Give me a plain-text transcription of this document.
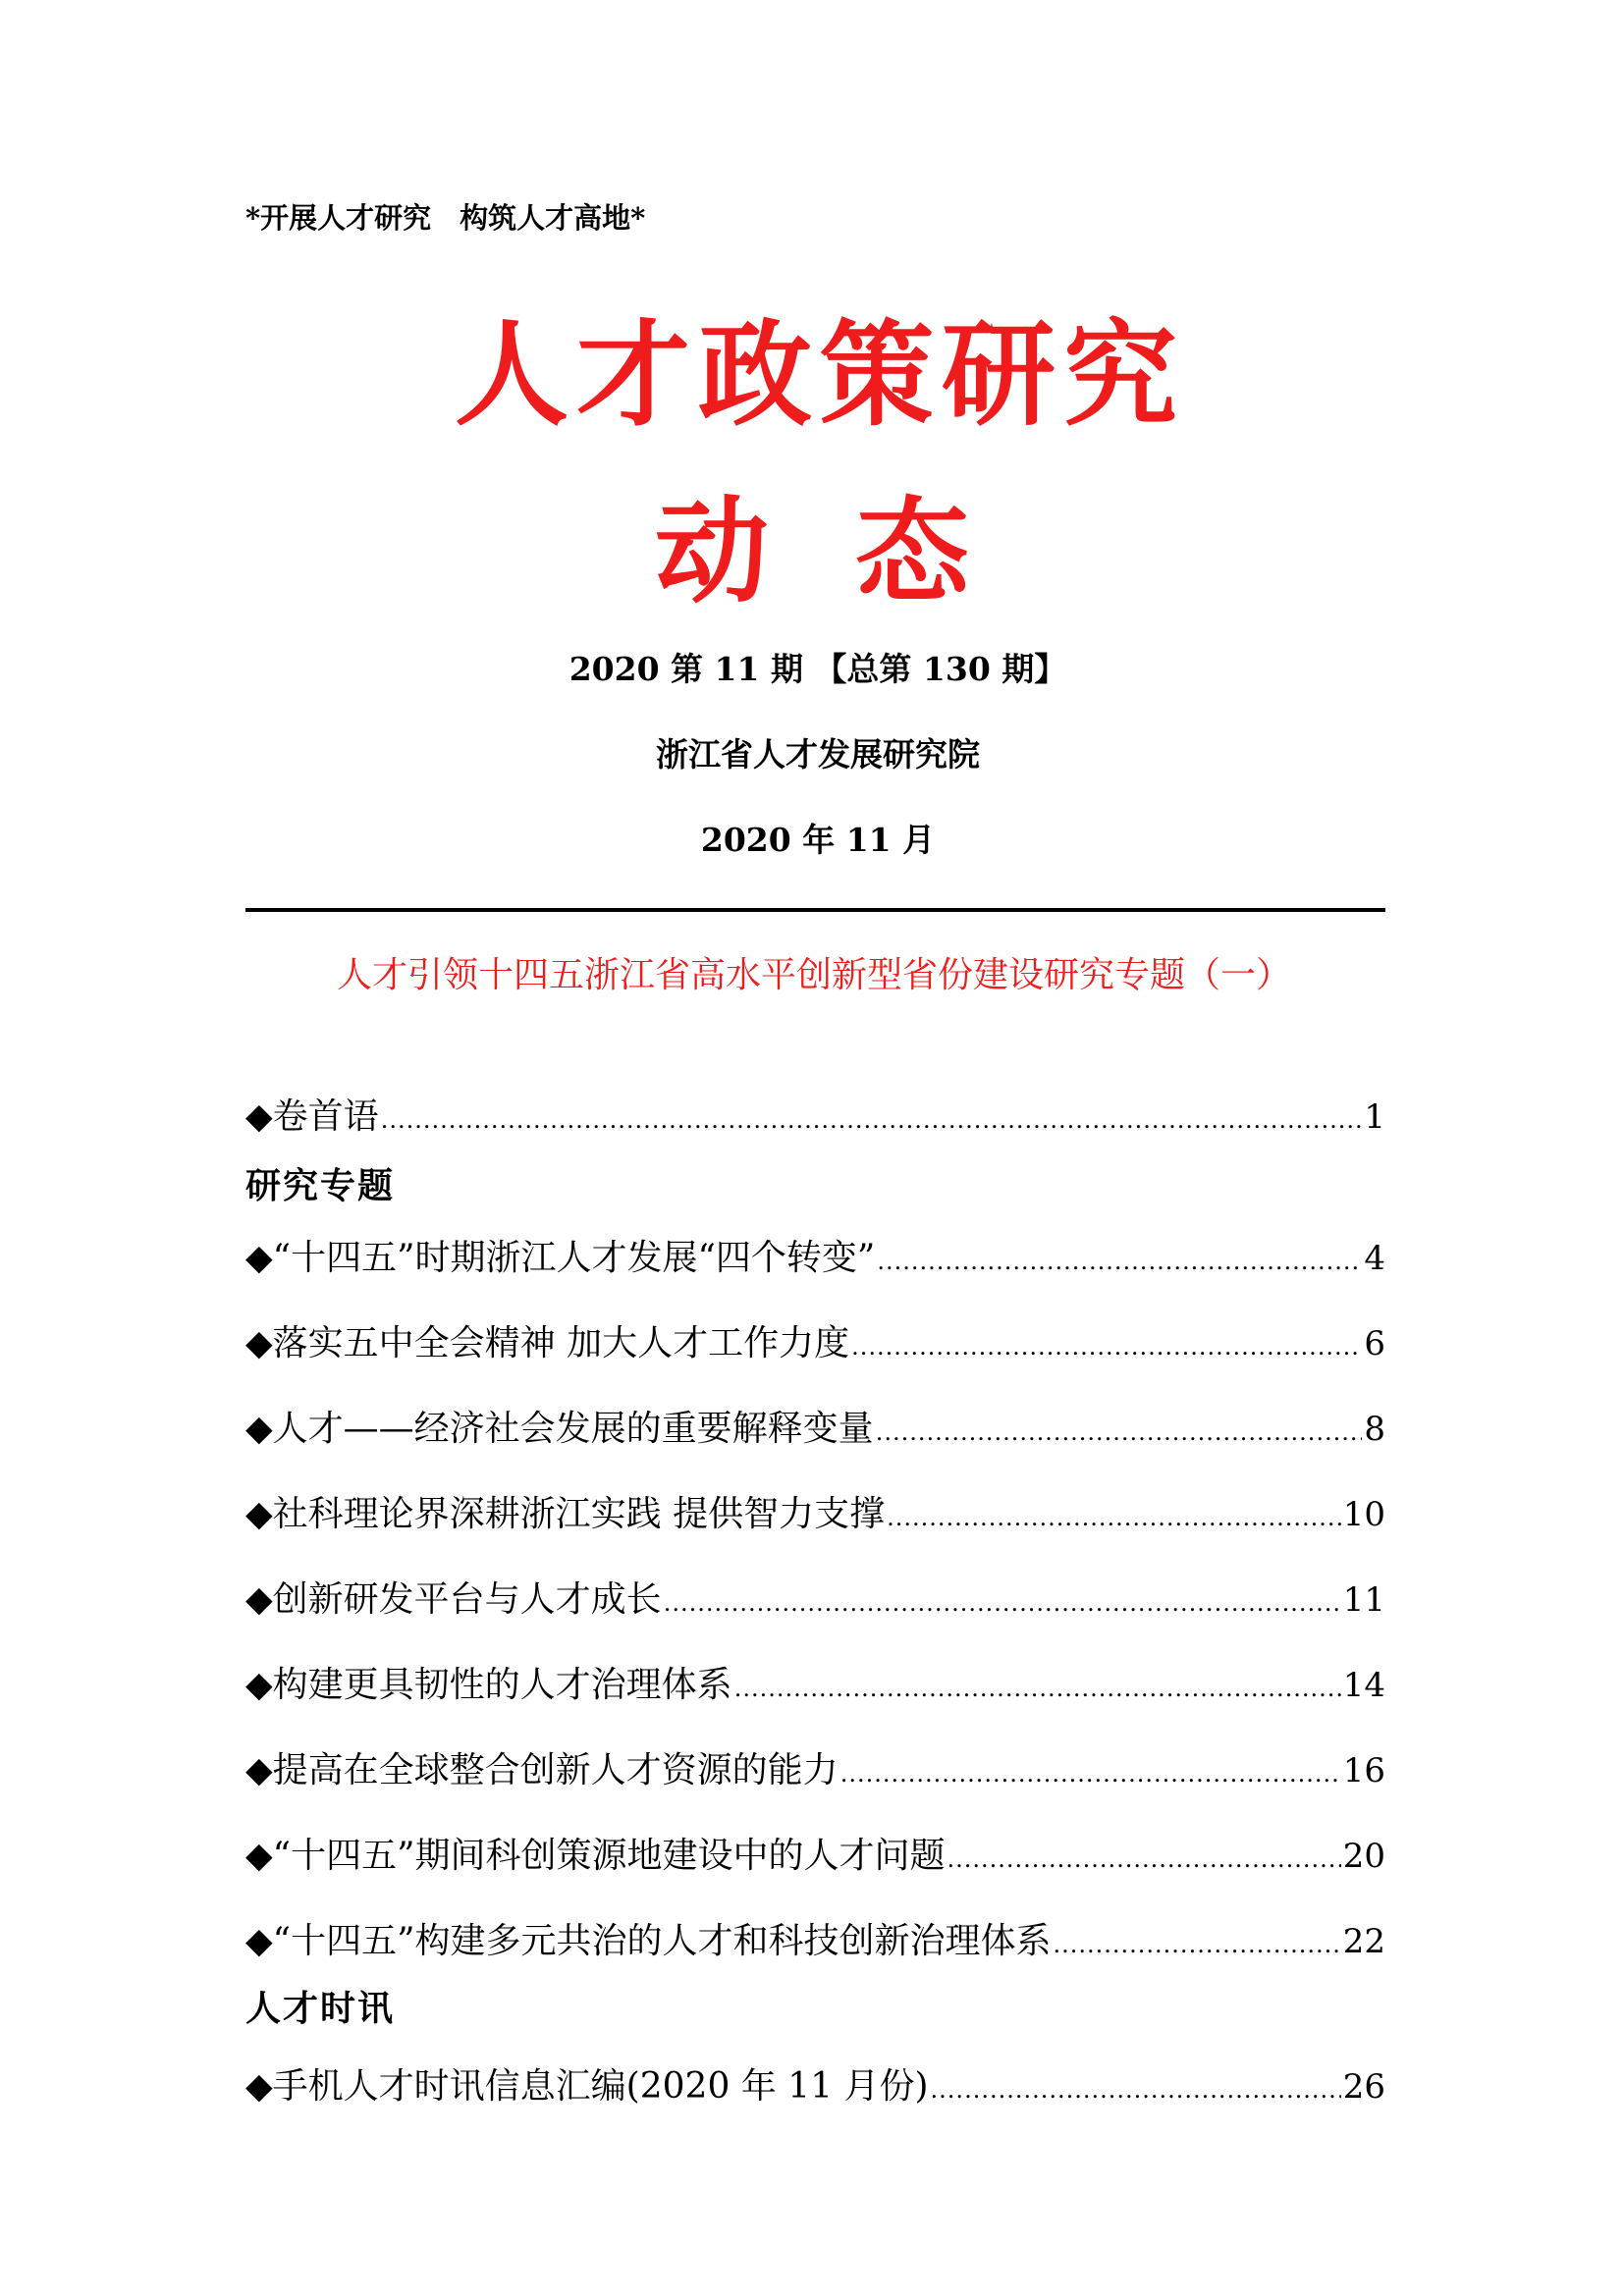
*开展人才研究　构筑人才高地*
人才政策研究
动态
2020 第 11 期 【总第 130 期】
浙江省人才发展研究院
2020 年 11 月
人才引领十四五浙江省高水平创新型省份建设研究专题（一）
◆卷首语 .....	1
研究专题
◆“十四五”时期浙江人才发展“四个转变” .....	4
◆落实五中全会精神 加大人才工作力度 .....	6
◆人才——经济社会发展的重要解释变量 .....	8
◆社科理论界深耕浙江实践 提供智力支撑 .....	10
◆创新研发平台与人才成长 .....	11
◆构建更具韧性的人才治理体系 .....	14
◆提高在全球整合创新人才资源的能力 .....	16
◆“十四五”期间科创策源地建设中的人才问题 .....	20
◆“十四五”构建多元共治的人才和科技创新治理体系 .....	22
人才时讯
◆手机人才时讯信息汇编(2020 年 11 月份) .....	26
